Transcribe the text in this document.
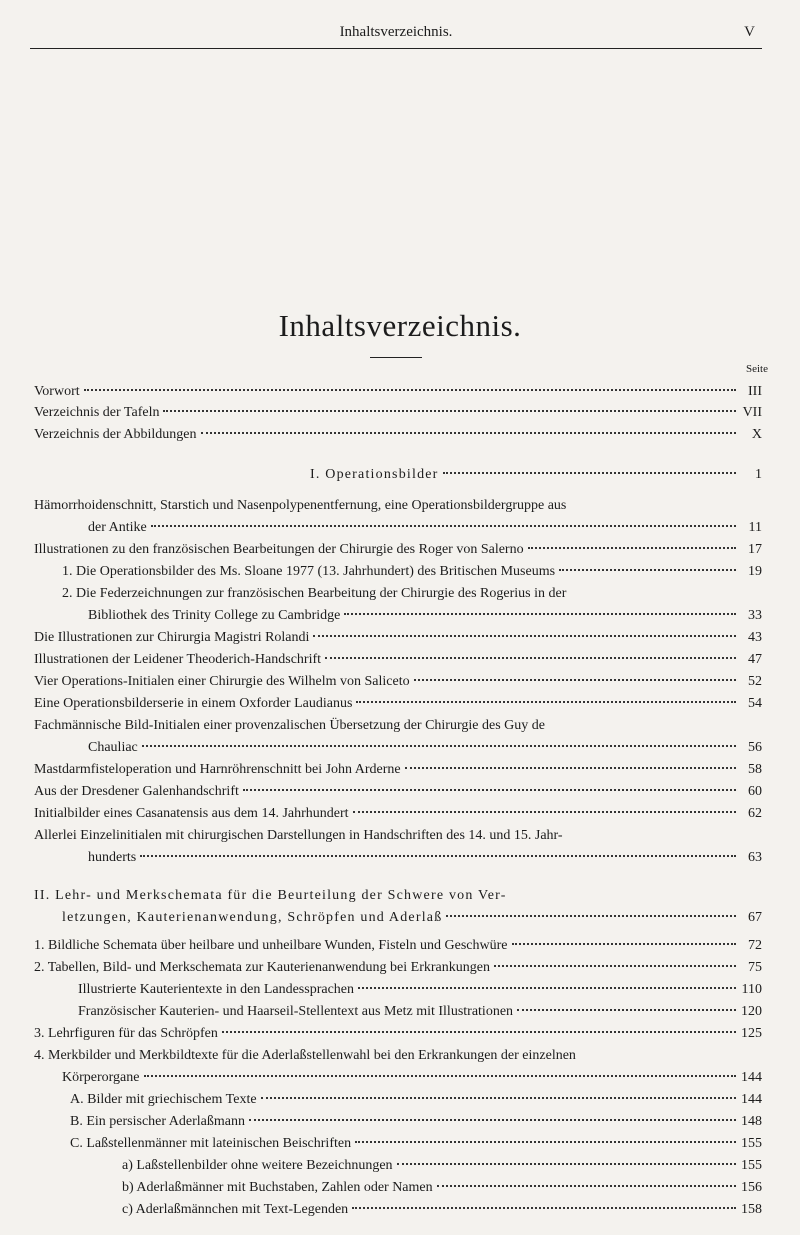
Inhaltsverzeichnis.	V
Inhaltsverzeichnis.
Seite
Vorwort	III
Verzeichnis der Tafeln	VII
Verzeichnis der Abbildungen	X
I. Operationsbilder	1
Hämorrhoidenschnitt, Starstich und Nasenpolypenentfernung, eine Operationsbildergruppe aus
der Antike	11
Illustrationen zu den französischen Bearbeitungen der Chirurgie des Roger von Salerno	17
1. Die Operationsbilder des Ms. Sloane 1977 (13. Jahrhundert) des Britischen Museums	19
2. Die Federzeichnungen zur französischen Bearbeitung der Chirurgie des Rogerius in der
Bibliothek des Trinity College zu Cambridge	33
Die Illustrationen zur Chirurgia Magistri Rolandi	43
Illustrationen der Leidener Theoderich-Handschrift	47
Vier Operations-Initialen einer Chirurgie des Wilhelm von Saliceto	52
Eine Operationsbilderserie in einem Oxforder Laudianus	54
Fachmännische Bild-Initialen einer provenzalischen Übersetzung der Chirurgie des Guy de
Chauliac	56
Mastdarmfisteloperation und Harnröhrenschnitt bei John Arderne	58
Aus der Dresdener Galenhandschrift	60
Initialbilder eines Casanatensis aus dem 14. Jahrhundert	62
Allerlei Einzelinitialen mit chirurgischen Darstellungen in Handschriften des 14. und 15. Jahr-
hunderts	63
II. Lehr- und Merkschemata für die Beurteilung der Schwere von Ver-
letzungen, Kauterienanwendung, Schröpfen und Aderlaß	67
1. Bildliche Schemata über heilbare und unheilbare Wunden, Fisteln und Geschwüre	72
2. Tabellen, Bild- und Merkschemata zur Kauterienanwendung bei Erkrankungen	75
Illustrierte Kauterientexte in den Landessprachen	110
Französischer Kauterien- und Haarseil-Stellentext aus Metz mit Illustrationen	120
3. Lehrfiguren für das Schröpfen	125
4. Merkbilder und Merkbildtexte für die Aderlaßstellenwahl bei den Erkrankungen der einzelnen
Körperorgane	144
A. Bilder mit griechischem Texte	144
B. Ein persischer Aderlaßmann	148
C. Laßstellenmänner mit lateinischen Beischriften	155
a) Laßstellenbilder ohne weitere Bezeichnungen	155
b) Aderlaßmänner mit Buchstaben, Zahlen oder Namen	156
c) Aderlaßmännchen mit Text-Legenden	158
